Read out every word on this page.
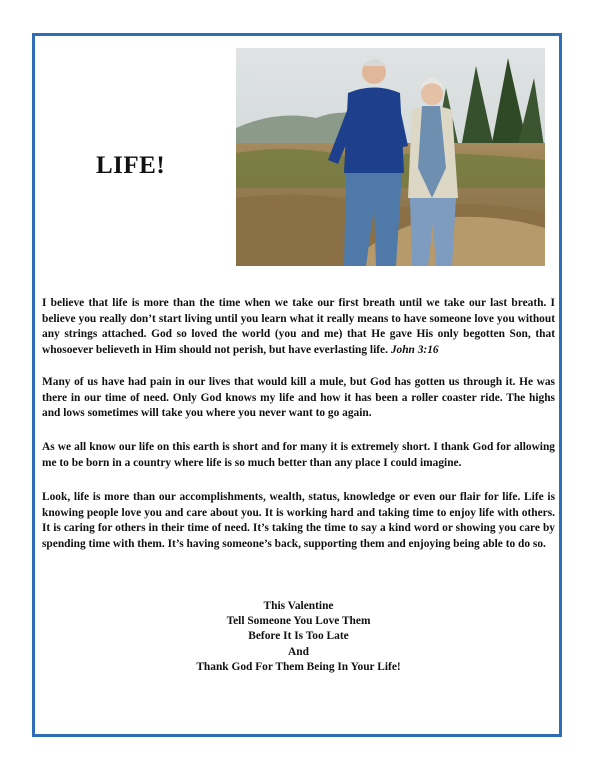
LIFE!

I believe that life is more than the time when we take our first breath until we take our last breath. I believe you really don’t start living until you learn what it really means to have someone love you without any strings attached. God so loved the world (you and me) that He gave His only begotten Son, that whosoever believeth in Him should not perish, but have everlasting life. John 3:16

Many of us have had pain in our lives that would kill a mule, but God has gotten us through it. He was there in our time of need. Only God knows my life and how it has been a roller coaster ride. The highs and lows sometimes will take you where you never want to go again.

As we all know our life on this earth is short and for many it is extremely short. I thank God for allowing me to be born in a country where life is so much better than any place I could imagine.

Look, life is more than our accomplishments, wealth, status, knowledge or even our flair for life. Life is knowing people love you and care about you. It is working hard and taking time to enjoy life with others. It is caring for others in their time of need. It’s taking the time to say a kind word or showing you care by spending time with them. It’s having someone’s back, supporting them and enjoying being able to do so.

This Valentine
Tell Someone You Love Them
Before It Is Too Late
And
Thank God For Them Being In Your Life!
